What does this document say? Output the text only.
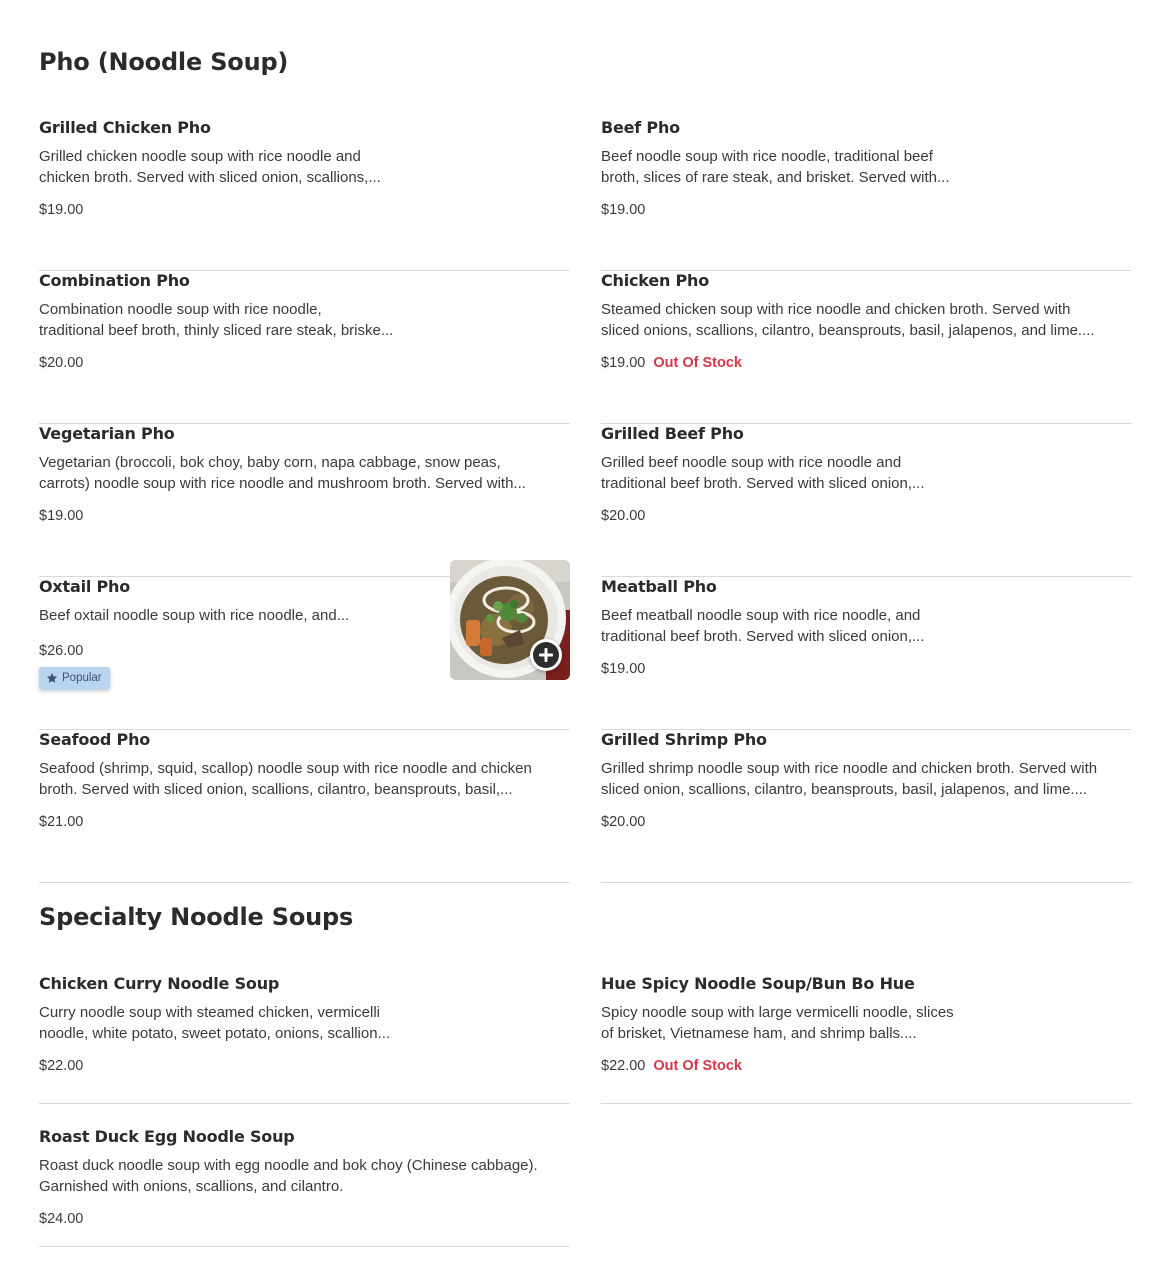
Pho (Noodle Soup)
Grilled Chicken Pho
Grilled chicken noodle soup with rice noodle and
chicken broth. Served with sliced onion, scallions,...
$19.00
Beef Pho
Beef noodle soup with rice noodle, traditional beef
broth, slices of rare steak, and brisket. Served with...
$19.00
Combination Pho
Combination noodle soup with rice noodle,
traditional beef broth, thinly sliced rare steak, briske...
$20.00
Chicken Pho
Steamed chicken soup with rice noodle and chicken broth. Served with
sliced onions, scallions, cilantro, beansprouts, basil, jalapenos, and lime....
$19.00 Out Of Stock
Vegetarian Pho
Vegetarian (broccoli, bok choy, baby corn, napa cabbage, snow peas,
carrots) noodle soup with rice noodle and mushroom broth. Served with...
$19.00
Grilled Beef Pho
Grilled beef noodle soup with rice noodle and
traditional beef broth. Served with sliced onion,...
$20.00
Oxtail Pho
Beef oxtail noodle soup with rice noodle, and...
$26.00
Popular
Meatball Pho
Beef meatball noodle soup with rice noodle, and
traditional beef broth. Served with sliced onion,...
$19.00
Seafood Pho
Seafood (shrimp, squid, scallop) noodle soup with rice noodle and chicken
broth. Served with sliced onion, scallions, cilantro, beansprouts, basil,...
$21.00
Grilled Shrimp Pho
Grilled shrimp noodle soup with rice noodle and chicken broth. Served with
sliced onion, scallions, cilantro, beansprouts, basil, jalapenos, and lime....
$20.00
Specialty Noodle Soups
Chicken Curry Noodle Soup
Curry noodle soup with steamed chicken, vermicelli
noodle, white potato, sweet potato, onions, scallion...
$22.00
Hue Spicy Noodle Soup/Bun Bo Hue
Spicy noodle soup with large vermicelli noodle, slices
of brisket, Vietnamese ham, and shrimp balls....
$22.00 Out Of Stock
Roast Duck Egg Noodle Soup
Roast duck noodle soup with egg noodle and bok choy (Chinese cabbage).
Garnished with onions, scallions, and cilantro.
$24.00
